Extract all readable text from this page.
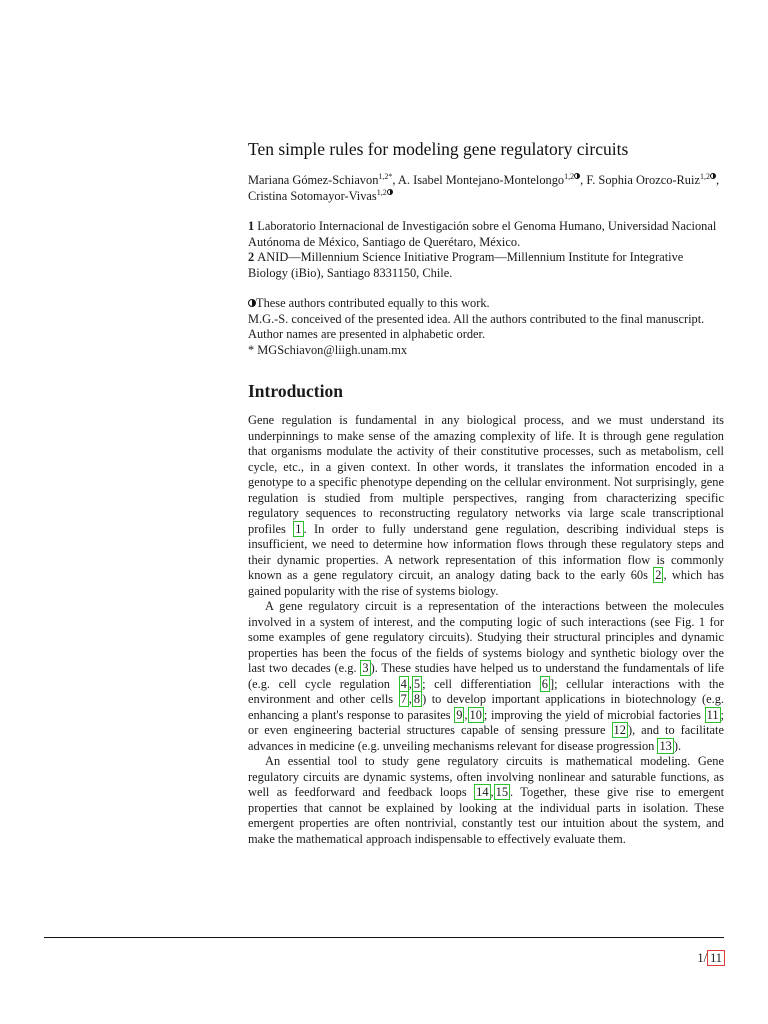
Ten simple rules for modeling gene regulatory circuits
Mariana Gómez-Schiavon$^{1,2*}$, A. Isabel Montejano-Montelongo$^{1,2}$ , F. Sophia Orozco-Ruiz$^{1,2}$ , Cristina Sotomayor-Vivas$^{1,2}$
1 Laboratorio Internacional de Investigación sobre el Genoma Humano, Universidad Nacional Autónoma de México, Santiago de Querétaro, México.
2 ANID—Millennium Science Initiative Program—Millennium Institute for Integrative Biology (iBio), Santiago 8331150, Chile.
These authors contributed equally to this work.
M.G.-S. conceived of the presented idea. All the authors contributed to the final manuscript. Author names are presented in alphabetic order.
* MGSchiavon@liigh.unam.mx
Introduction

Gene regulation is fundamental in any biological process, and we must understand its underpinnings to make sense of the amazing complexity of life. It is through gene regulation that organisms modulate the activity of their constitutive processes, such as metabolism, cell cycle, etc., in a given context. In other words, it translates the information encoded in a genotype to a specific phenotype depending on the cellular environment. Not surprisingly, gene regulation is studied from multiple perspectives, ranging from characterizing specific regulatory sequences to reconstructing regulatory networks via large scale transcriptional profiles 1 . In order to fully understand gene regulation, describing individual steps is insufficient, we need to determine how information flows through these regulatory steps and their dynamic properties. A network representation of this information flow is commonly known as a gene regulatory circuit, an analogy dating back to the early 60s 2 , which has gained popularity with the rise of systems biology.

A gene regulatory circuit is a representation of the interactions between the molecules involved in a system of interest, and the computing logic of such interactions (see Fig. 1 for some examples of gene regulatory circuits). Studying their structural principles and dynamic properties has been the focus of the fields of systems biology and synthetic biology over the last two decades (e.g. 3 ). These studies have helped us to understand the fundamentals of life (e.g. cell cycle regulation 4 , 5 ; cell differentiation 6 ]; cellular interactions with the environment and other cells 7 , 8 ) to develop important applications in biotechnology (e.g. enhancing a plant's response to parasites 9 , 10 ; improving the yield of microbial factories 11 ; or even engineering bacterial structures capable of sensing pressure 12 ), and to facilitate advances in medicine (e.g. unveiling mechanisms relevant for disease progression 13 ).

An essential tool to study gene regulatory circuits is mathematical modeling. Gene regulatory circuits are dynamic systems, often involving nonlinear and saturable functions, as well as feedforward and feedback loops 14 , 15 . Together, these give rise to emergent properties that cannot be explained by looking at the individual parts in isolation. These emergent properties are often nontrivial, constantly test our intuition about the system, and make the mathematical approach indispensable to effectively evaluate them.

1/ 11
